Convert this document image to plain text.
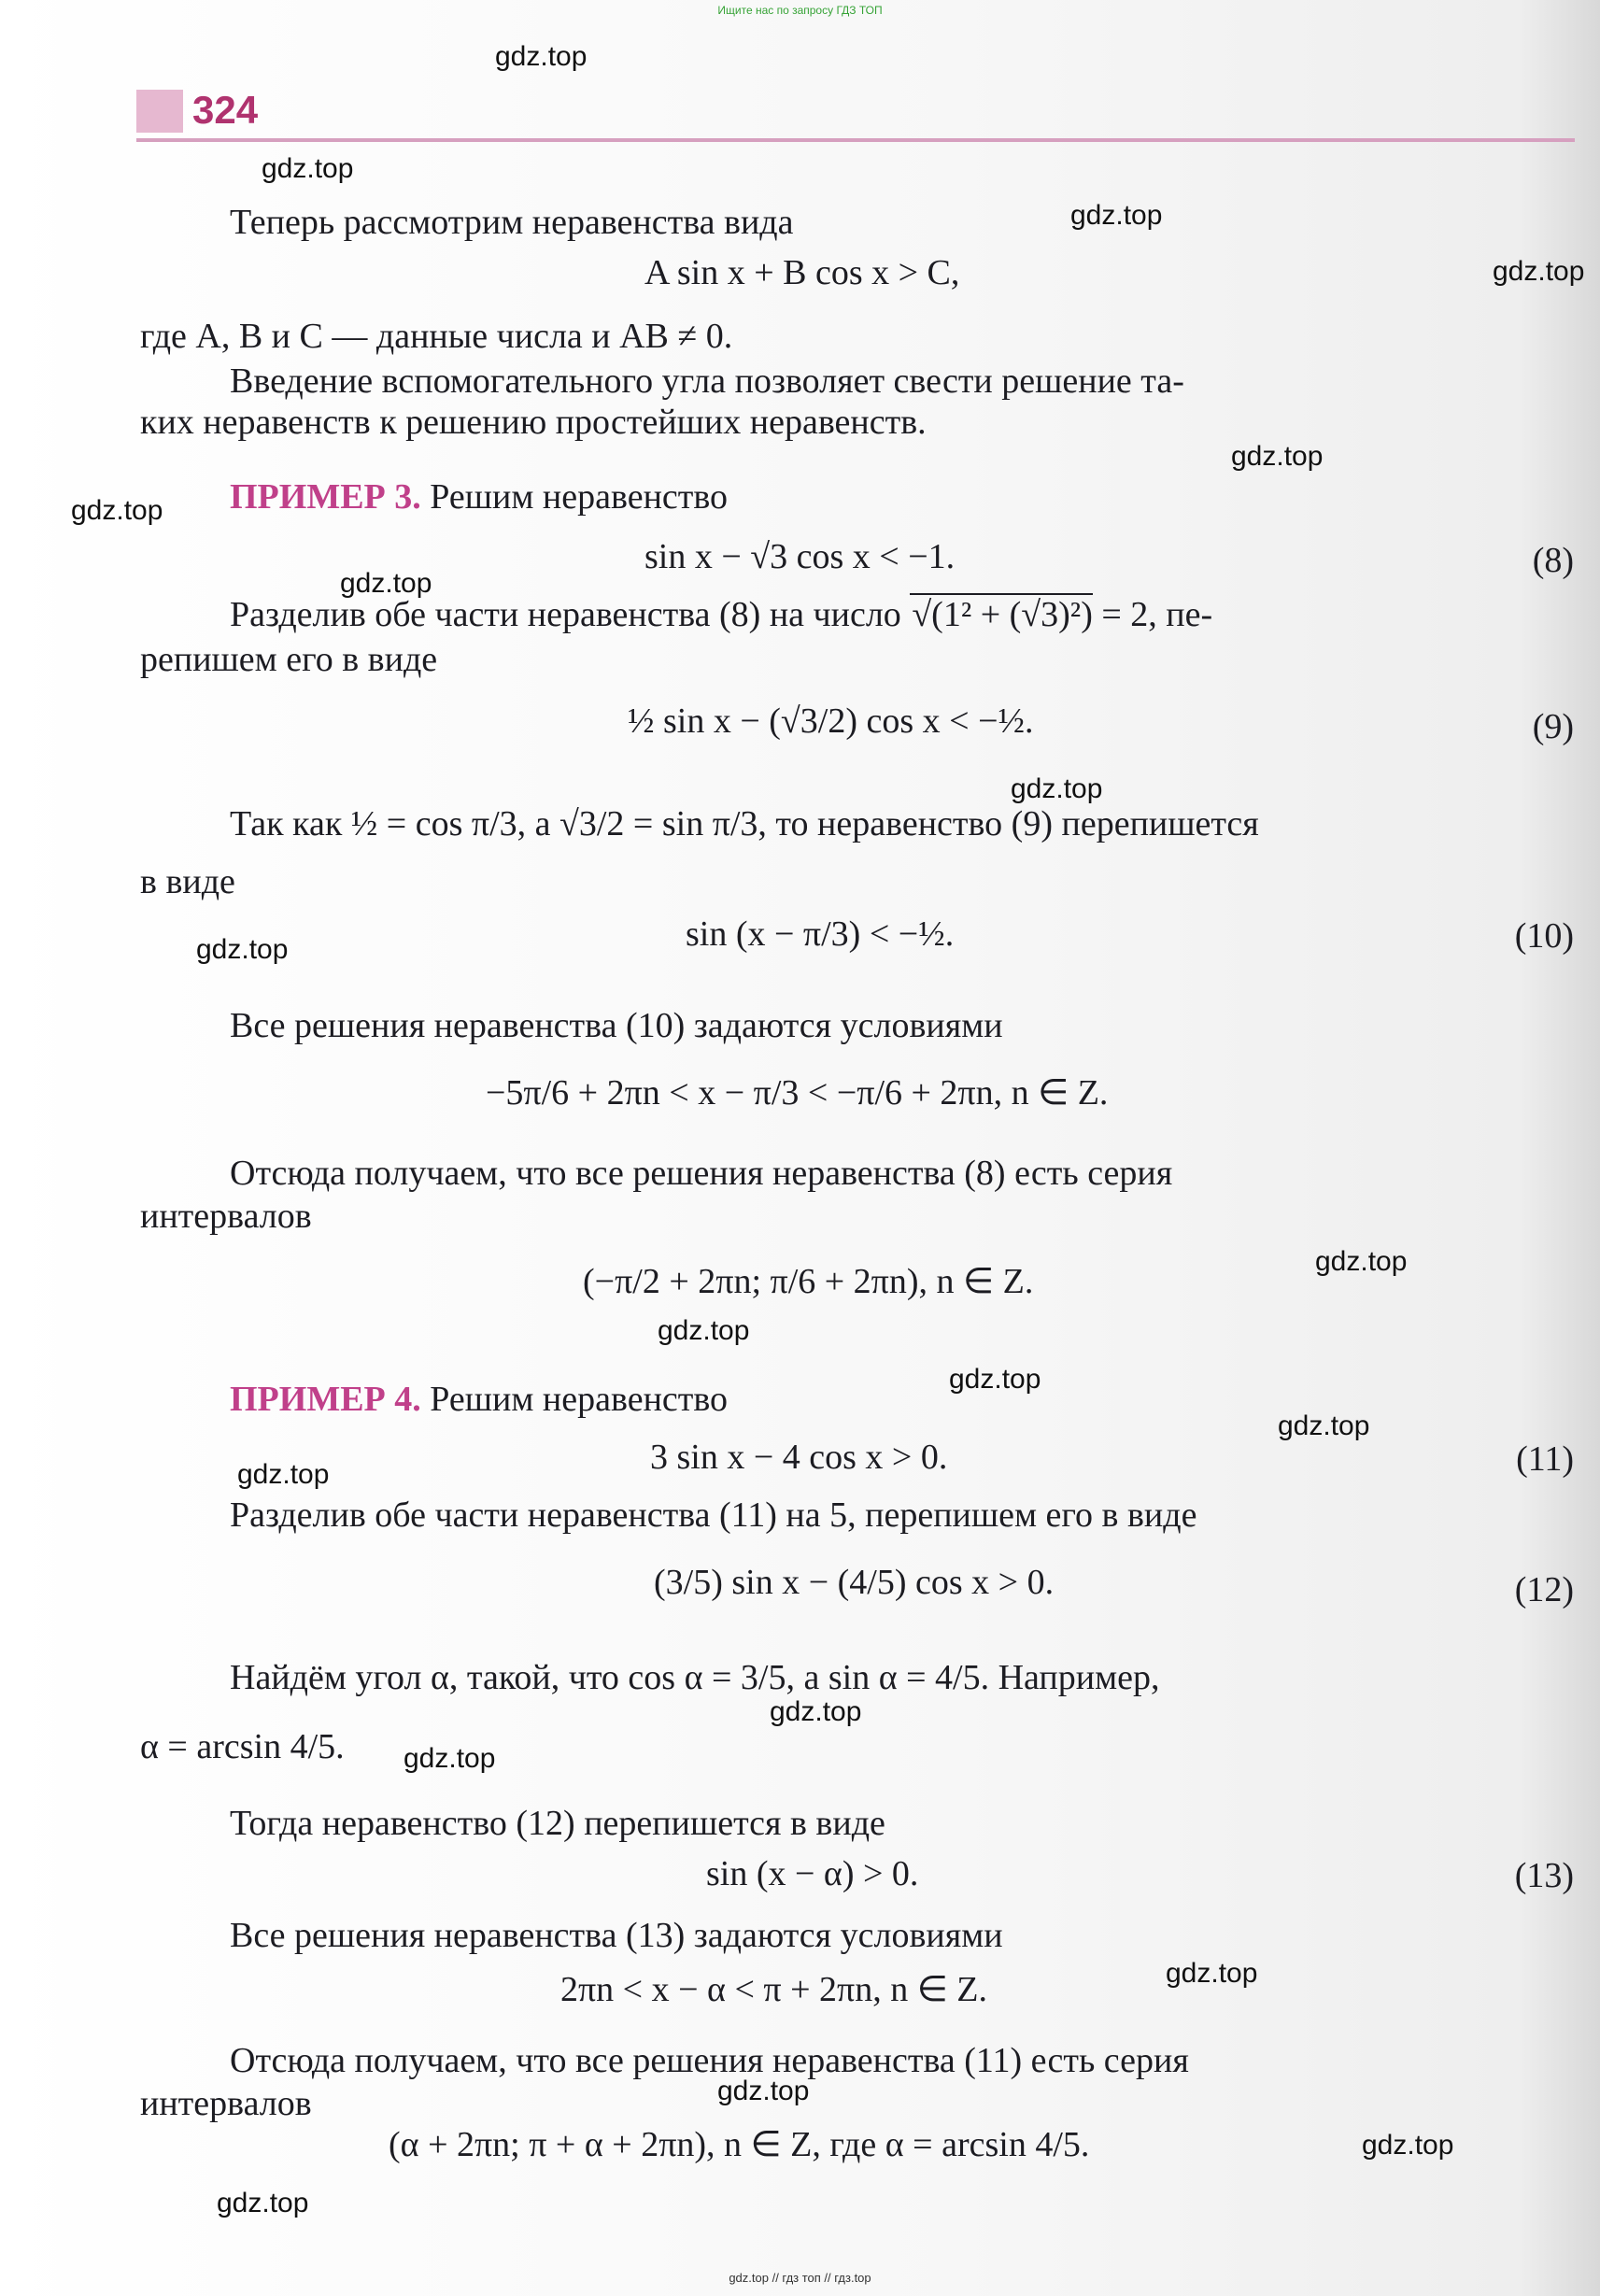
Ищите нас по запросу ГДЗ ТОП
324
gdz.top
gdz.top
gdz.top
gdz.top
gdz.top
gdz.top
gdz.top
gdz.top
gdz.top
gdz.top
gdz.top
gdz.top
gdz.top
gdz.top
gdz.top
gdz.top
gdz.top
gdz.top
gdz.top
gdz.top
Теперь рассмотрим неравенства вида
A sin x + B cos x > C,
где A, B и C — данные числа и AB ≠ 0.
Введение вспомогательного угла позволяет свести решение та-
ких неравенств к решению простейших неравенств.
ПРИМЕР 3. Решим неравенство
sin x − √3 cos x < −1.	(8)
Разделив обе части неравенства (8) на число √(1² + (√3)²) = 2, пе-
репишем его в виде
½ sin x − (√3/2) cos x < −½.	(9)
Так как ½ = cos π/3, а √3/2 = sin π/3, то неравенство (9) перепишется
в виде
sin (x − π/3) < −½.	(10)
Все решения неравенства (10) задаются условиями
−5π/6 + 2πn < x − π/3 < −π/6 + 2πn, n ∈ Z.
Отсюда получаем, что все решения неравенства (8) есть серия
интервалов
(−π/2 + 2πn; π/6 + 2πn), n ∈ Z.
ПРИМЕР 4. Решим неравенство
3 sin x − 4 cos x > 0.	(11)
Разделив обе части неравенства (11) на 5, перепишем его в виде
(3/5) sin x − (4/5) cos x > 0.	(12)
Найдём угол α, такой, что cos α = 3/5, а sin α = 4/5. Например,
α = arcsin 4/5.
Тогда неравенство (12) перепишется в виде
sin (x − α) > 0.	(13)
Все решения неравенства (13) задаются условиями
2πn < x − α < π + 2πn, n ∈ Z.
Отсюда получаем, что все решения неравенства (11) есть серия
интервалов
(α + 2πn; π + α + 2πn), n ∈ Z, где α = arcsin 4/5.
gdz.top // гдз топ // гдз.top
